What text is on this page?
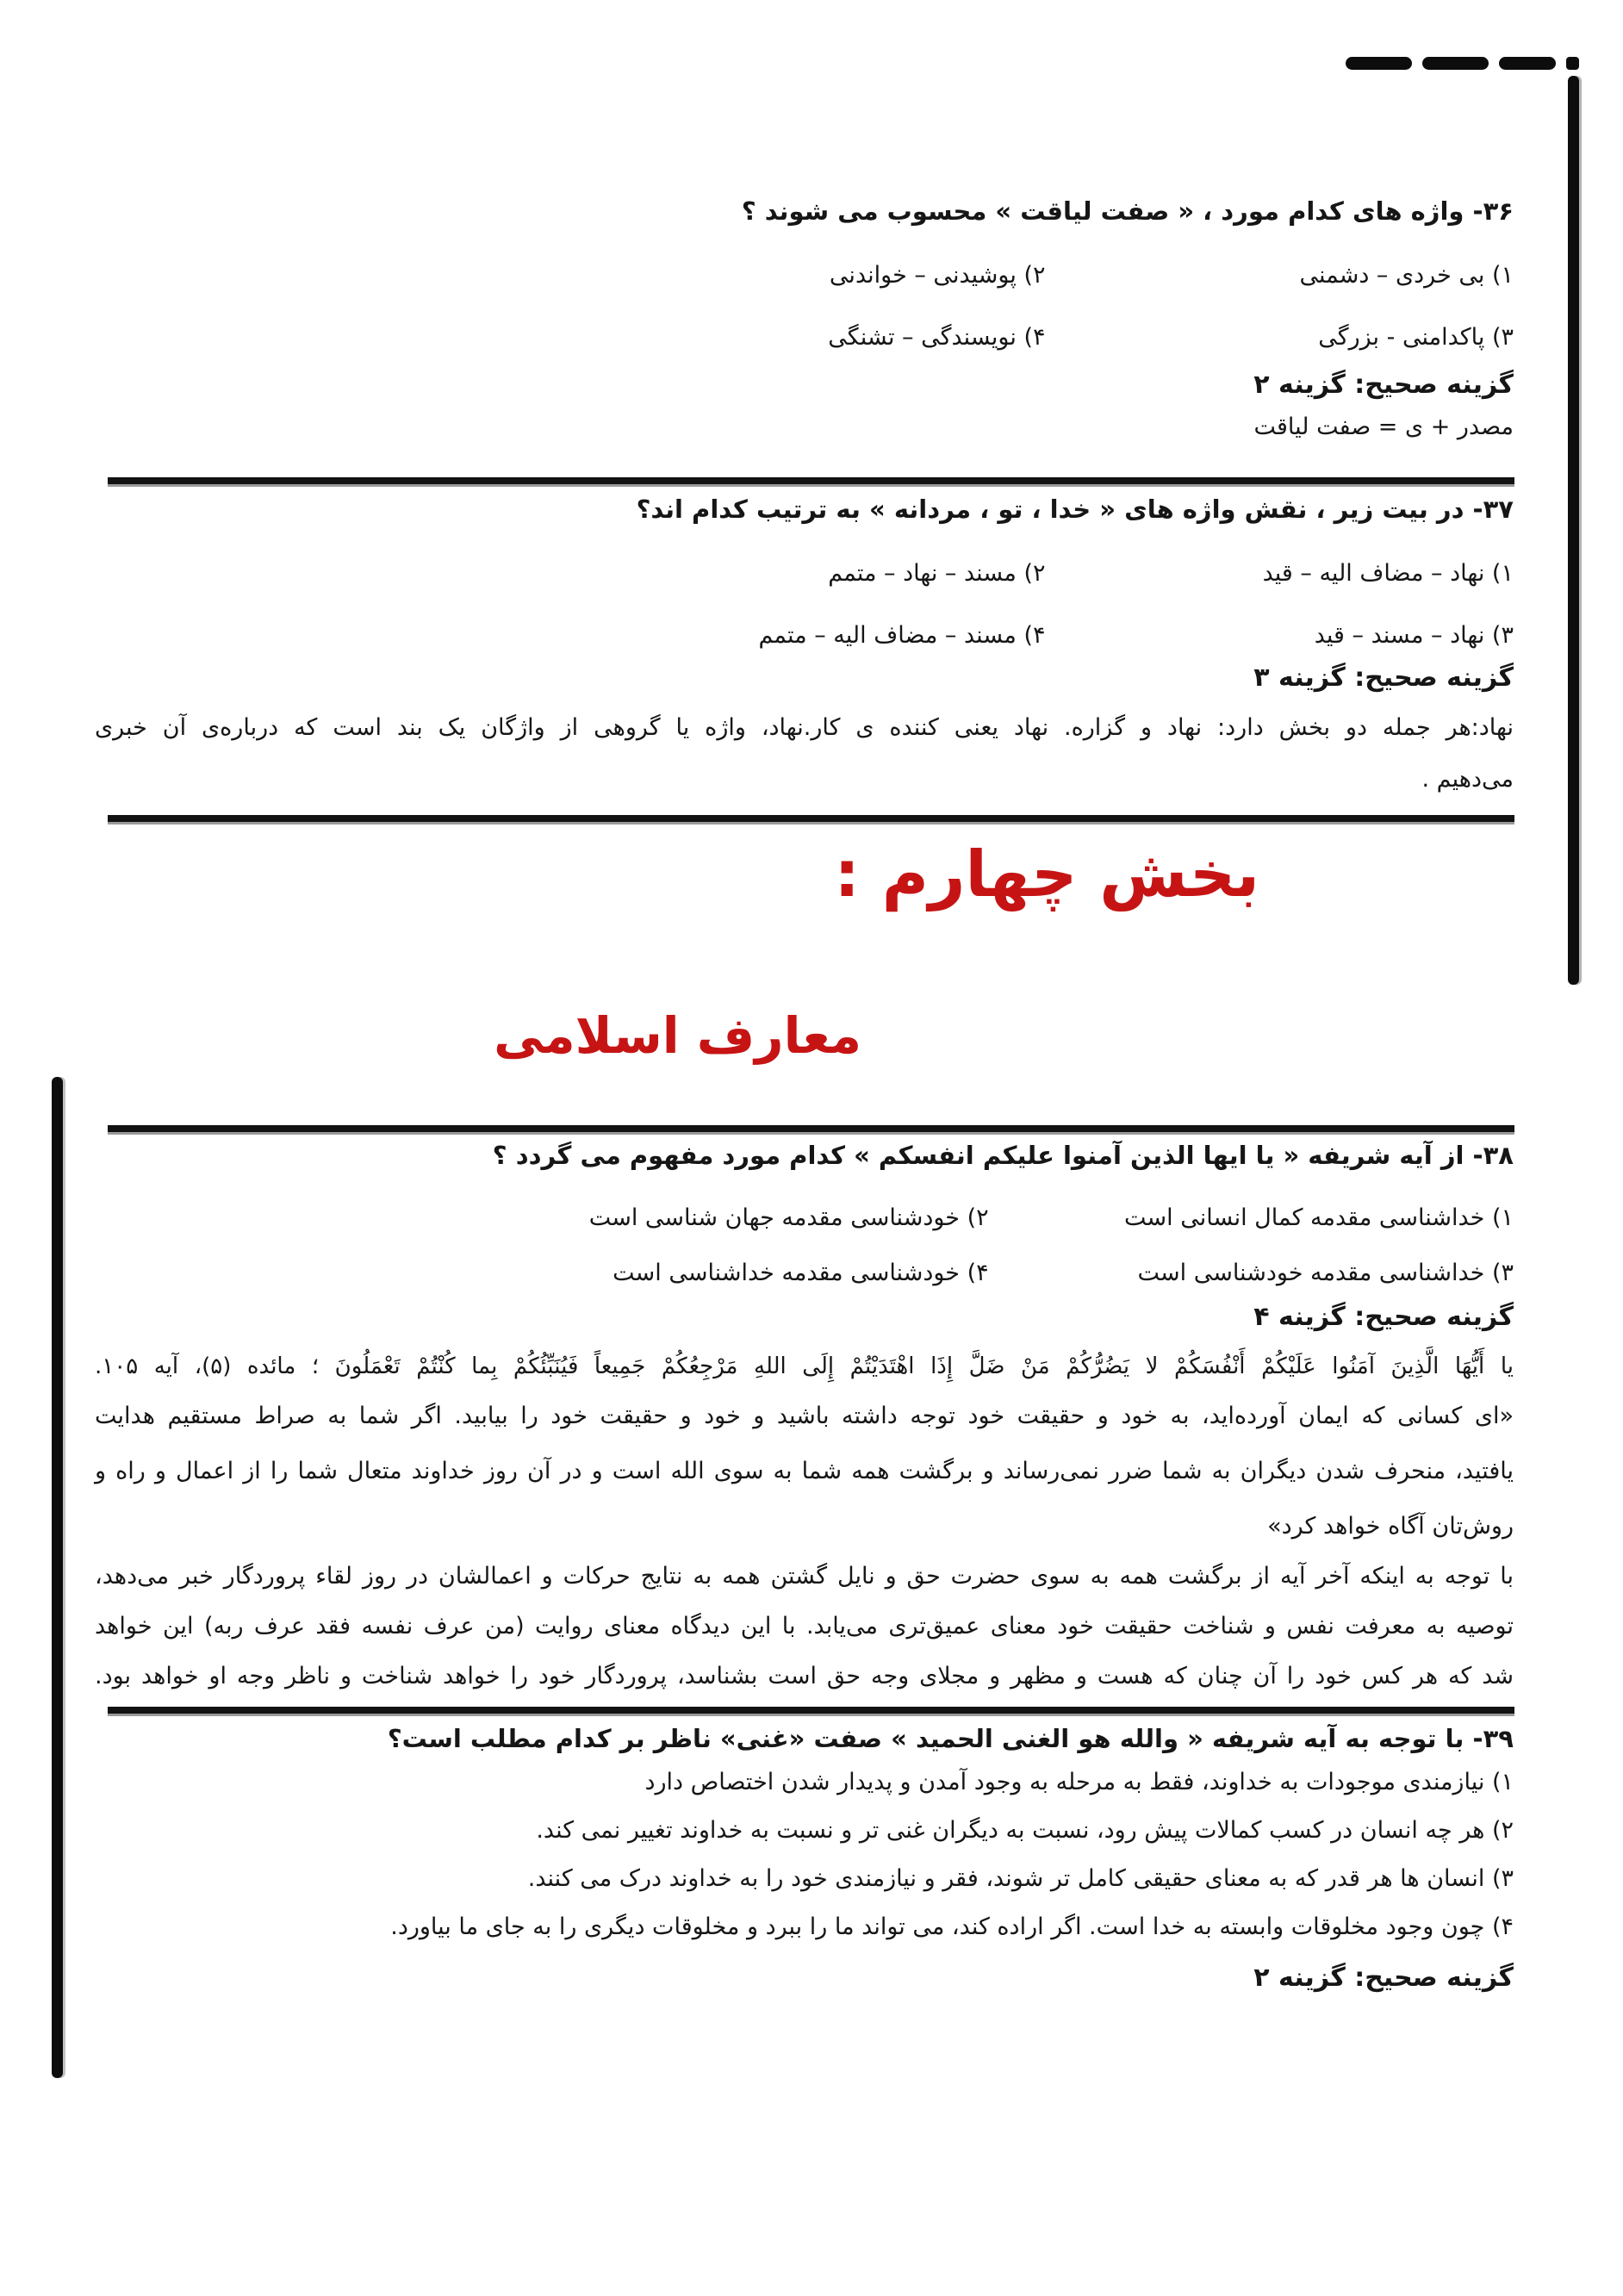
۳۶- واژه های کدام مورد ، « صفت لیاقت » محسوب می شوند ؟
۱) بی خردی – دشمنی
۲) پوشیدنی – خواندنی
۳) پاکدامنی - بزرگی
۴) نویسندگی – تشنگی
گزینه صحیح: گزینه ۲
مصدر + ی = صفت لیاقت
۳۷- در بیت زیر ، نقش واژه های « خدا ، تو ، مردانه » به ترتیب کدام اند؟
۱) نهاد – مضاف الیه – قید
۲) مسند – نهاد – متمم
۳) نهاد – مسند – قید
۴) مسند – مضاف الیه – متمم
گزینه صحیح: گزینه ۳
نهاد:هر جمله دو بخش دارد: نهاد و گزاره. نهاد یعنی کننده ی کار.نهاد، واژه یا گروهی از واژگان یک بند است که درباره‌ی آن خبری
می‌دهیم .
بخش چهارم :
معارف اسلامی
۳۸- از آیه شریفه « یا ایها الذین آمنوا علیکم انفسکم » کدام مورد مفهوم می گردد ؟
۱) خداشناسی مقدمه کمال انسانی است
۲) خودشناسی مقدمه جهان شناسی است
۳) خداشناسی مقدمه خودشناسی است
۴) خودشناسی مقدمه خداشناسی است
گزینه صحیح: گزینه ۴
یا أَیُّهَا الَّذِینَ آمَنُوا عَلَیْکُمْ أَنْفُسَکُمْ لا یَضُرُّکُمْ مَنْ ضَلَّ إِذَا اهْتَدَیْتُمْ إِلَی اللهِ مَرْجِعُکُمْ جَمِیعاً فَیُنَبِّئُکُمْ بِما کُنْتُمْ تَعْمَلُونَ ؛ مائده (۵)، آیه ۱۰۵.
«ای کسانی که ایمان آورده‌اید، به خود و حقیقت خود توجه داشته باشید و خود و حقیقت خود را بیابید. اگر شما به صراط مستقیم هدایت
یافتید، منحرف شدن دیگران به شما ضرر نمی‌رساند و برگشت همه شما به سوی الله است و در آن روز خداوند متعال شما را از اعمال و راه و
روش‌تان آگاه خواهد کرد»
با توجه به اینکه آخر آیه از برگشت همه به سوی حضرت حق و نایل گشتن همه به نتایج حرکات و اعمالشان در روز لقاء پروردگار خبر می‌دهد،
توصیه به معرفت نفس و شناخت حقیقت خود معنای عمیق‌تری می‌یابد. با این دیدگاه معنای روایت (من عرف نفسه فقد عرف ربه) این خواهد
شد که هر کس خود را آن چنان که هست و مظهر و مجلای وجه حق است بشناسد، پروردگار خود را خواهد شناخت و ناظر وجه او خواهد بود.
۳۹- با توجه به آیه شریفه « والله هو الغنی الحمید » صفت «غنی» ناظر بر کدام مطلب است؟
۱) نیازمندی موجودات به خداوند، فقط به مرحله به وجود آمدن و پدیدار شدن اختصاص دارد
۲) هر چه انسان در کسب کمالات پیش رود، نسبت به دیگران غنی تر و نسبت به خداوند تغییر نمی کند.
۳) انسان ها هر قدر که به معنای حقیقی کامل تر شوند، فقر و نیازمندی خود را به خداوند درک می کنند.
۴) چون وجود مخلوقات وابسته به خدا است. اگر اراده کند، می تواند ما را ببرد و مخلوقات دیگری را به جای ما بیاورد.
گزینه صحیح: گزینه ۲
